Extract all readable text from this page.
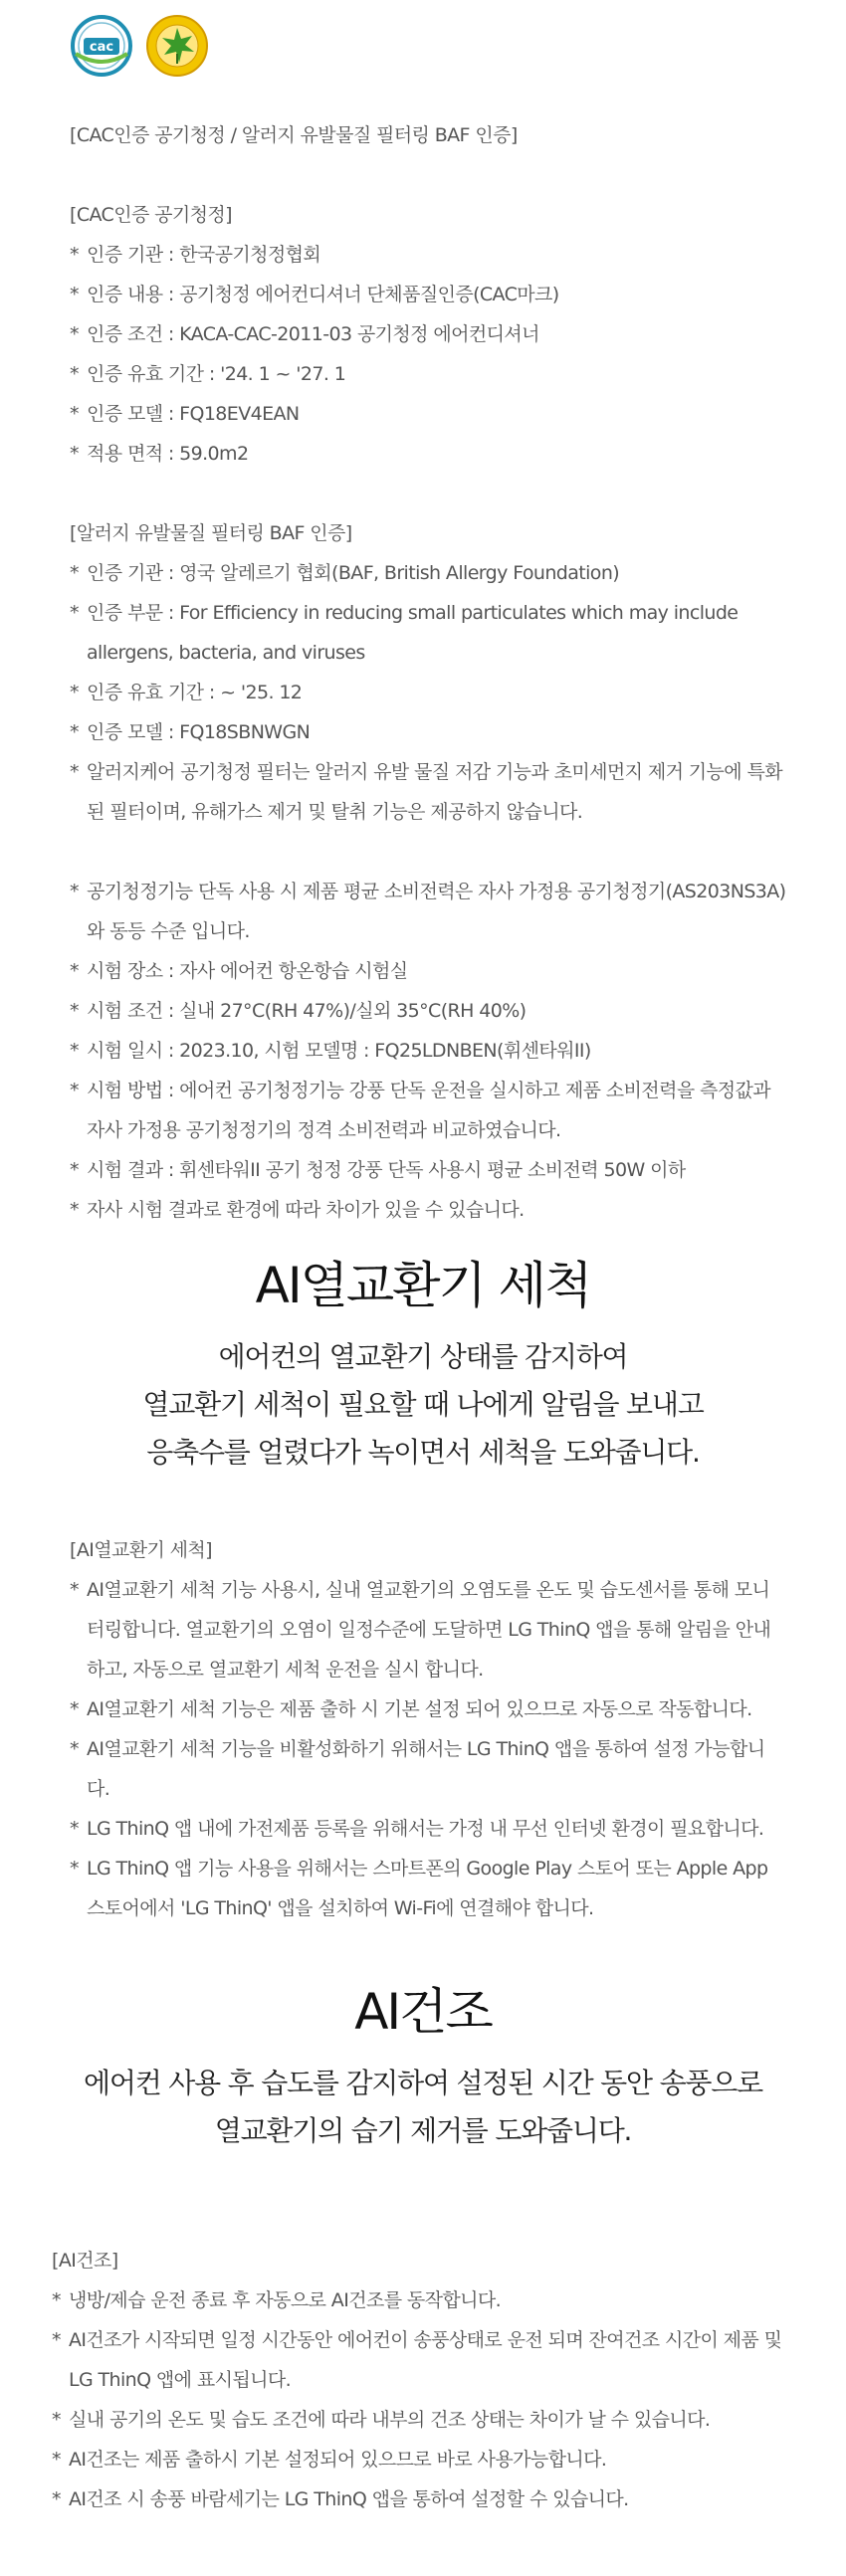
cac
[CAC인증 공기청정 / 알러지 유발물질 필터링 BAF 인증]
[CAC인증 공기청정]
* 인증 기관 : 한국공기청정협회
* 인증 내용 : 공기청정 에어컨디셔너 단체품질인증(CAC마크)
* 인증 조건 : KACA-CAC-2011-03 공기청정 에어컨디셔너
* 인증 유효 기간 : '24. 1 ~ '27. 1
* 인증 모델 : FQ18EV4EAN
* 적용 면적 : 59.0m2
[알러지 유발물질 필터링 BAF 인증]
* 인증 기관 : 영국 알레르기 협회(BAF, British Allergy Foundation)
* 인증 부문 : For Efficiency in reducing small particulates which may include allergens, bacteria, and viruses
* 인증 유효 기간 : ~ '25. 12
* 인증 모델 : FQ18SBNWGN
* 알러지케어 공기청정 필터는 알러지 유발 물질 저감 기능과 초미세먼지 제거 기능에 특화된 필터이며, 유해가스 제거 및 탈취 기능은 제공하지 않습니다.
* 공기청정기능 단독 사용 시 제품 평균 소비전력은 자사 가정용 공기청정기(AS203NS3A)와 동등 수준 입니다.
* 시험 장소 : 자사 에어컨 항온항습 시험실
* 시험 조건 : 실내 27°C(RH 47%)/실외 35°C(RH 40%)
* 시험 일시 : 2023.10, 시험 모델명 : FQ25LDNBEN(휘센타워II)
* 시험 방법 : 에어컨 공기청정기능 강풍 단독 운전을 실시하고 제품 소비전력을 측정값과 자사 가정용 공기청정기의 정격 소비전력과 비교하였습니다.
* 시험 결과 : 휘센타워II 공기 청정 강풍 단독 사용시 평균 소비전력 50W 이하
* 자사 시험 결과로 환경에 따라 차이가 있을 수 있습니다.
AI열교환기 세척
에어컨의 열교환기 상태를 감지하여
열교환기 세척이 필요할 때 나에게 알림을 보내고
응축수를 얼렸다가 녹이면서 세척을 도와줍니다.
[AI열교환기 세척]
* AI열교환기 세척 기능 사용시, 실내 열교환기의 오염도를 온도 및 습도센서를 통해 모니터링합니다. 열교환기의 오염이 일정수준에 도달하면 LG ThinQ 앱을 통해 알림을 안내하고, 자동으로 열교환기 세척 운전을 실시 합니다.
* AI열교환기 세척 기능은 제품 출하 시 기본 설정 되어 있으므로 자동으로 작동합니다.
* AI열교환기 세척 기능을 비활성화하기 위해서는 LG ThinQ 앱을 통하여 설정 가능합니다.
* LG ThinQ 앱 내에 가전제품 등록을 위해서는 가정 내 무선 인터넷 환경이 필요합니다.
* LG ThinQ 앱 기능 사용을 위해서는 스마트폰의 Google Play 스토어 또는 Apple App 스토어에서 'LG ThinQ' 앱을 설치하여 Wi-Fi에 연결해야 합니다.
AI건조
에어컨 사용 후 습도를 감지하여 설정된 시간 동안 송풍으로
열교환기의 습기 제거를 도와줍니다.
[AI건조]
* 냉방/제습 운전 종료 후 자동으로 AI건조를 동작합니다.
* AI건조가 시작되면 일정 시간동안 에어컨이 송풍상태로 운전 되며 잔여건조 시간이 제품 및 LG ThinQ 앱에 표시됩니다.
* 실내 공기의 온도 및 습도 조건에 따라 내부의 건조 상태는 차이가 날 수 있습니다.
* AI건조는 제품 출하시 기본 설정되어 있으므로 바로 사용가능합니다.
* AI건조 시 송풍 바람세기는 LG ThinQ 앱을 통하여 설정할 수 있습니다.
